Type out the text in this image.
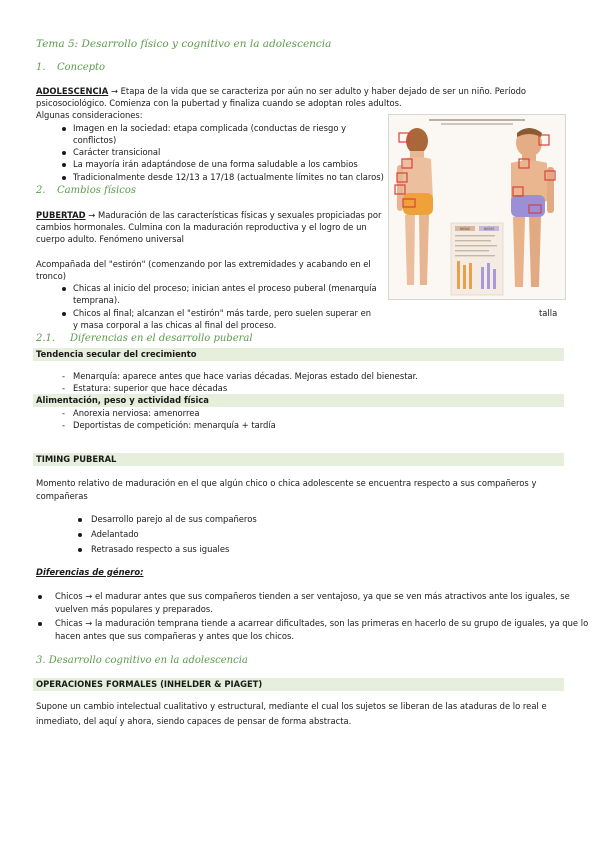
Tema 5: Desarrollo físico y cognitivo en la adolescencia
1. Concepto
ADOLESCENCIA → Etapa de la vida que se caracteriza por aún no ser adulto y haber dejado de ser un niño. Período
psicosociológico. Comienza con la pubertad y finaliza cuando se adoptan roles adultos.
Algunas consideraciones:
Imagen en la sociedad: etapa complicada (conductas de riesgo y
conflictos)
Carácter transicional
La mayoría irán adaptándose de una forma saludable a los cambios
Tradicionalmente desde 12/13 a 17/18 (actualmente límites no tan claros)
2. Cambios físicos
PUBERTAD → Maduración de las características físicas y sexuales propiciadas por
cambios hormonales. Culmina con la maduración reproductiva y el logro de un
cuerpo adulto. Fenómeno universal
Acompañada del "estirón" (comenzando por las extremidades y acabando en el
tronco)
Chicas al inicio del proceso; inician antes el proceso puberal (menarquía
temprana).
Chicos al final; alcanzan el "estirón" más tarde, pero suelen superar en	talla
y masa corporal a las chicas al final del proceso.
NIÑAS	NIÑOS
2.1. Diferencias en el desarrollo puberal
Tendencia secular del crecimiento
- Menarquía: aparece antes que hace varias décadas. Mejoras estado del bienestar.
- Estatura: superior que hace décadas
Alimentación, peso y actividad física
- Anorexia nerviosa: amenorrea
- Deportistas de competición: menarquía + tardía
TIMING PUBERAL
Momento relativo de maduración en el que algún chico o chica adolescente se encuentra respecto a sus compañeros y
compañeras
Desarrollo parejo al de sus compañeros
Adelantado
Retrasado respecto a sus iguales
Diferencias de género:
Chicos → el madurar antes que sus compañeros tienden a ser ventajoso, ya que se ven más atractivos ante los iguales, se
vuelven más populares y preparados.
Chicas → la maduración temprana tiende a acarrear dificultades, son las primeras en hacerlo de su grupo de iguales, ya que lo
hacen antes que sus compañeras y antes que los chicos.
3. Desarrollo cognitivo en la adolescencia
OPERACIONES FORMALES (INHELDER & PIAGET)
Supone un cambio intelectual cualitativo y estructural, mediante el cual los sujetos se liberan de las ataduras de lo real e
inmediato, del aquí y ahora, siendo capaces de pensar de forma abstracta.
